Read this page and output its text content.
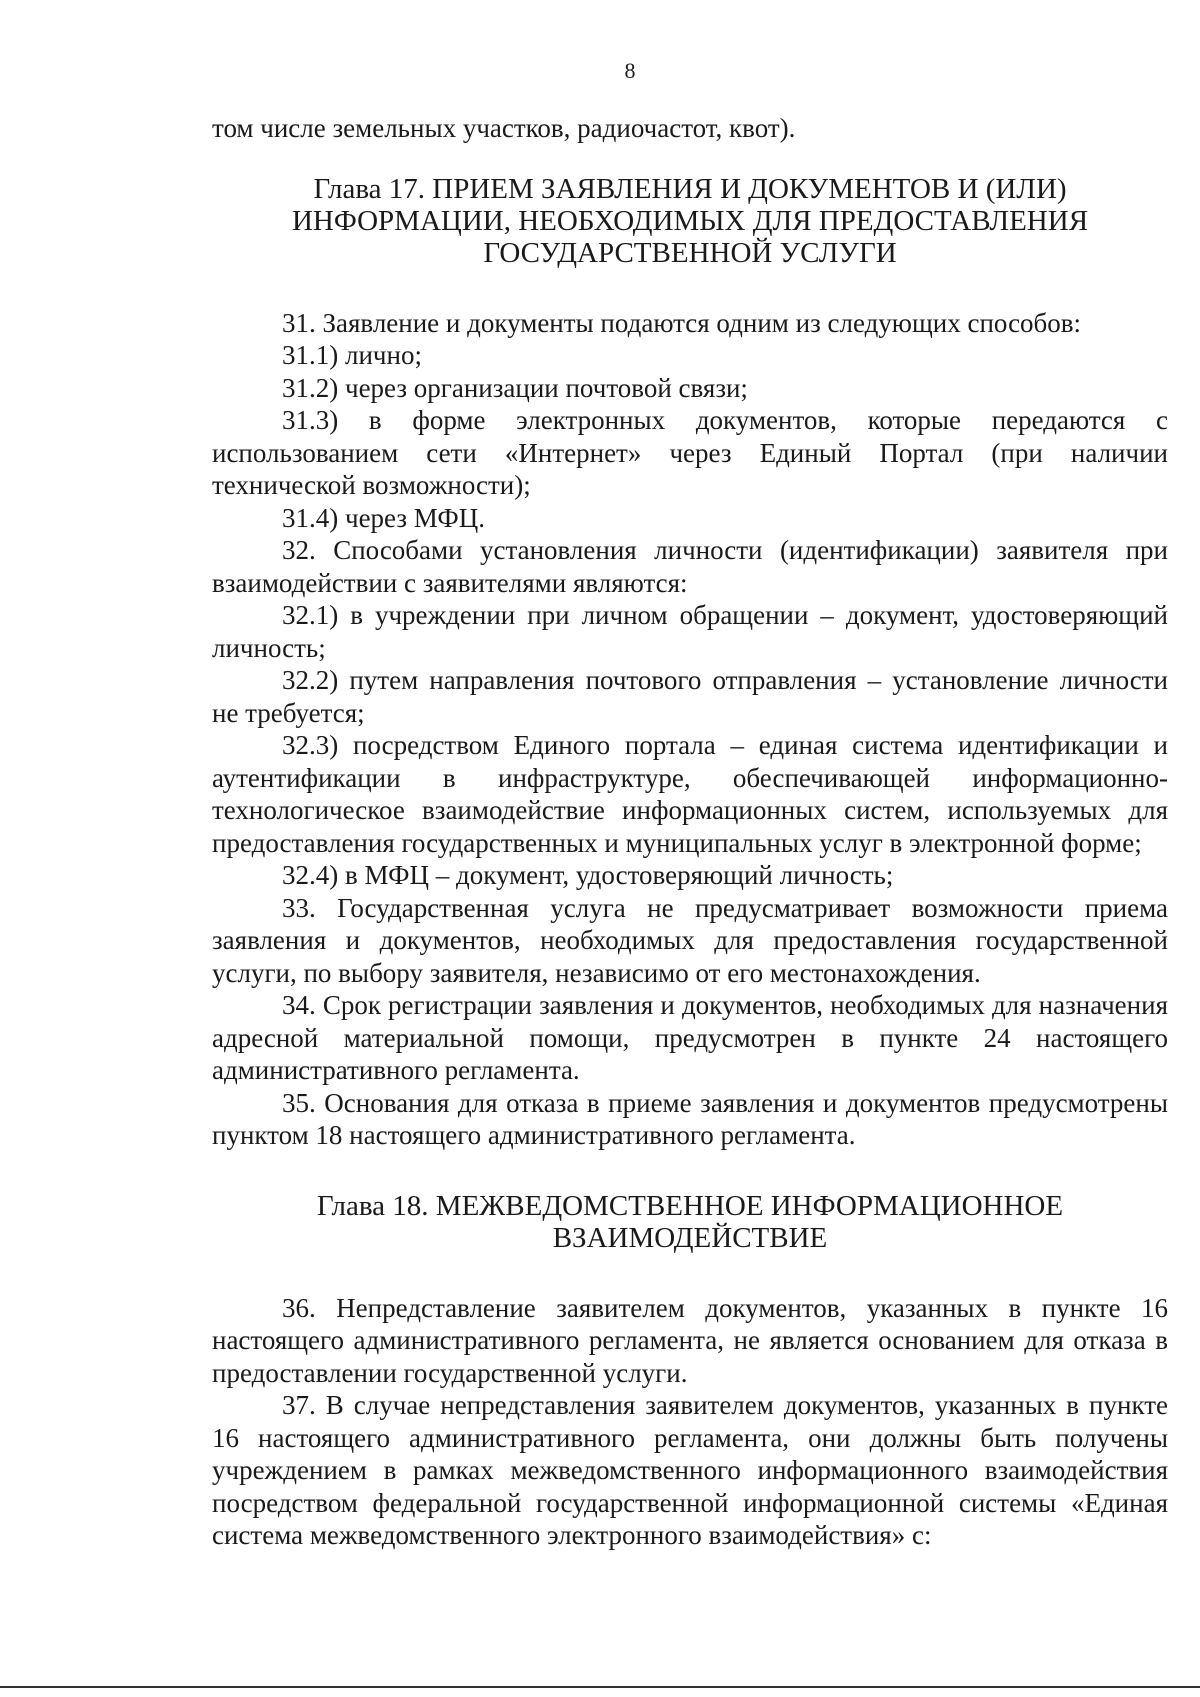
8

том числе земельных участков, радиочастот, квот).

Глава 17. ПРИЕМ ЗАЯВЛЕНИЯ И ДОКУМЕНТОВ И (ИЛИ)
ИНФОРМАЦИИ, НЕОБХОДИМЫХ ДЛЯ ПРЕДОСТАВЛЕНИЯ
ГОСУДАРСТВЕННОЙ УСЛУГИ

31. Заявление и документы подаются одним из следующих способов:

31.1) лично;

31.2) через организации почтовой связи;

31.3) в форме электронных документов, которые передаются с использованием сети «Интернет» через Единый Портал (при наличии технической возможности);

31.4) через МФЦ.

32. Способами установления личности (идентификации) заявителя при взаимодействии с заявителями являются:

32.1) в учреждении при личном обращении – документ, удостоверяющий личность;

32.2) путем направления почтового отправления – установление личности не требуется;

32.3) посредством Единого портала – единая система идентификации и аутентификации в инфраструктуре, обеспечивающей информационно-технологическое взаимодействие информационных систем, используемых для предоставления государственных и муниципальных услуг в электронной форме;

32.4) в МФЦ – документ, удостоверяющий личность;

33. Государственная услуга не предусматривает возможности приема заявления и документов, необходимых для предоставления государственной услуги, по выбору заявителя, независимо от его местонахождения.

34. Срок регистрации заявления и документов, необходимых для назначения адресной материальной помощи, предусмотрен в пункте 24 настоящего административного регламента.

35. Основания для отказа в приеме заявления и документов предусмотрены пунктом 18 настоящего административного регламента.

Глава 18. МЕЖВЕДОМСТВЕННОЕ ИНФОРМАЦИОННОЕ
ВЗАИМОДЕЙСТВИЕ

36. Непредставление заявителем документов, указанных в пункте 16 настоящего административного регламента, не является основанием для отказа в предоставлении государственной услуги.

37. В случае непредставления заявителем документов, указанных в пункте 16 настоящего административного регламента, они должны быть получены учреждением в рамках межведомственного информационного взаимодействия посредством федеральной государственной информационной системы «Единая система межведомственного электронного взаимодействия» с:
